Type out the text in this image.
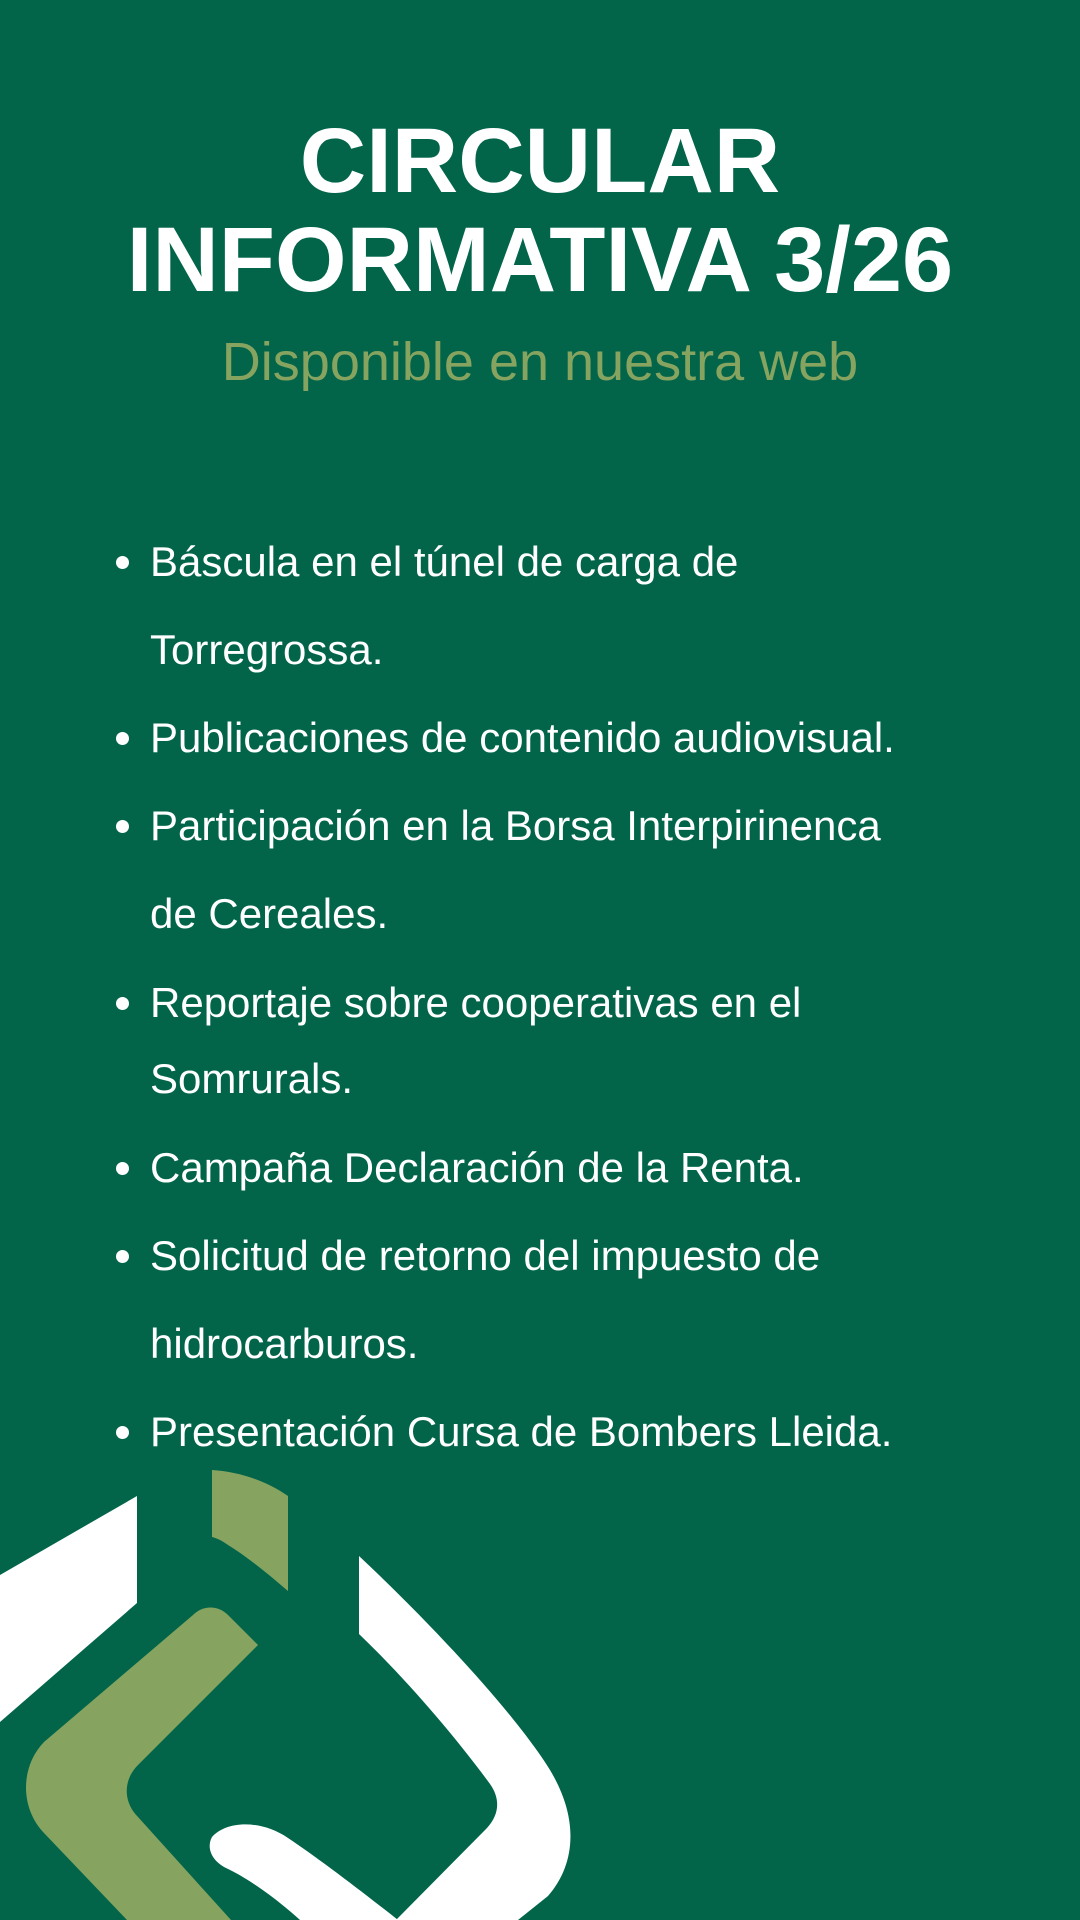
CIRCULAR
INFORMATIVA 3/26
Disponible en nuestra web
Báscula en el túnel de carga de
Torregrossa.
Publicaciones de contenido audiovisual.
Participación en la Borsa Interpirinenca
de Cereales.
Reportaje sobre cooperativas en el
Somrurals.
Campaña Declaración de la Renta.
Solicitud de retorno del impuesto de
hidrocarburos.
Presentación Cursa de Bombers Lleida.
